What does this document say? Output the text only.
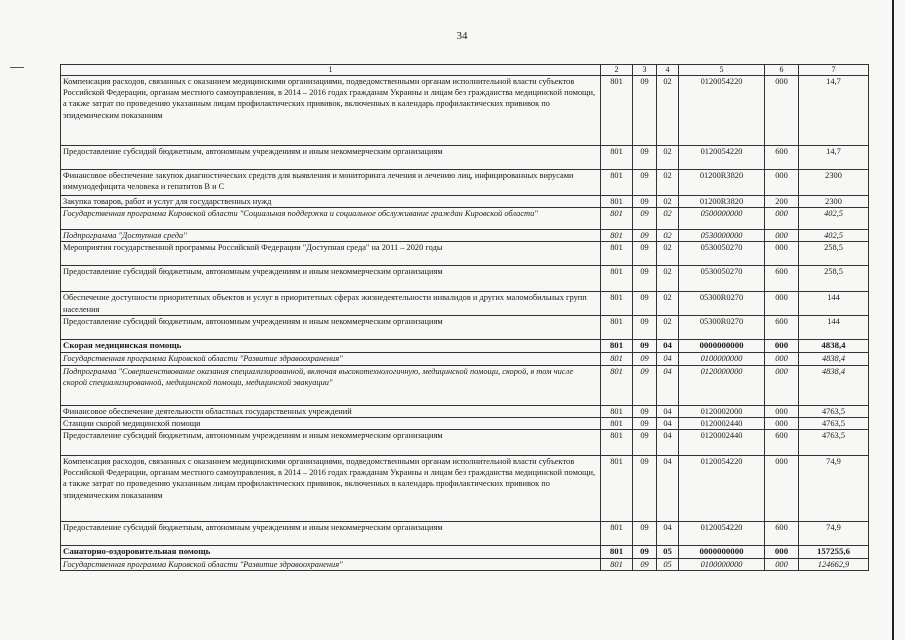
34
1	2	3	4	5	6	7
Компенсация расходов, связанных с оказанием медицинскими организациями, подведомственными органам исполнительной власти субъектов Российской Федерации, органам местного самоуправления, в 2014 – 2016 годах гражданам Украины и лицам без гражданства медицинской помощи, а также затрат по проведению указанным лицам профилактических прививок, включенных в календарь профилактических прививок по эпидемическим показаниям	801	09	02	0120054220	000	14,7
Предоставление субсидий бюджетным, автономным учреждениям и иным некоммерческим организациям	801	09	02	0120054220	600	14,7
Финансовое обеспечение закупок диагностических средств для выявления и мониторинга лечения и лечению лиц, инфицированных вирусами иммунодефицита человека и гепатитов В и С	801	09	02	01200R3820	000	2300
Закупка товаров, работ и услуг для государственных нужд	801	09	02	01200R3820	200	2300
Государственная программа Кировской области "Социальная поддержка и социальное обслуживание граждан Кировской области"	801	09	02	0500000000	000	402,5
Подпрограмма "Доступная среда"	801	09	02	0530000000	000	402,5
Мероприятия государственной программы Российской Федерации "Доступная среда" на 2011 – 2020 годы	801	09	02	0530050270	000	258,5
Предоставление субсидий бюджетным, автономным учреждениям и иным некоммерческим организациям	801	09	02	0530050270	600	258,5
Обеспечение доступности приоритетных объектов и услуг в приоритетных сферах жизнедеятельности инвалидов и других маломобильных групп населения	801	09	02	05300R0270	000	144
Предоставление субсидий бюджетным, автономным учреждениям и иным некоммерческим организациям	801	09	02	05300R0270	600	144
Скорая медицинская помощь	801	09	04	0000000000	000	4838,4
Государственная программа Кировской области "Развитие здравоохранения"	801	09	04	0100000000	000	4838,4
Подпрограмма "Совершенствование оказания специализированной, включая высокотехнологичную, медицинской помощи, скорой, в том числе скорой специализированной, медицинской помощи, медицинской эвакуации"	801	09	04	0120000000	000	4838,4
Финансовое обеспечение деятельности областных государственных учреждений	801	09	04	0120002000	000	4763,5
Станции скорой медицинской помощи	801	09	04	0120002440	000	4763,5
Предоставление субсидий бюджетным, автономным учреждениям и иным некоммерческим организациям	801	09	04	0120002440	600	4763,5
Компенсация расходов, связанных с оказанием медицинскими организациями, подведомственными органам исполнительной власти субъектов Российской Федерации, органам местного самоуправления, в 2014 – 2016 годах гражданам Украины и лицам без гражданства медицинской помощи, а также затрат по проведению указанным лицам профилактических прививок, включенных в календарь профилактических прививок по эпидемическим показаниям	801	09	04	0120054220	000	74,9
Предоставление субсидий бюджетным, автономным учреждениям и иным некоммерческим организациям	801	09	04	0120054220	600	74,9
Санаторно-оздоровительная помощь	801	09	05	0000000000	000	157255,6
Государственная программа Кировской области "Развитие здравоохранения"	801	09	05	0100000000	000	124662,9
